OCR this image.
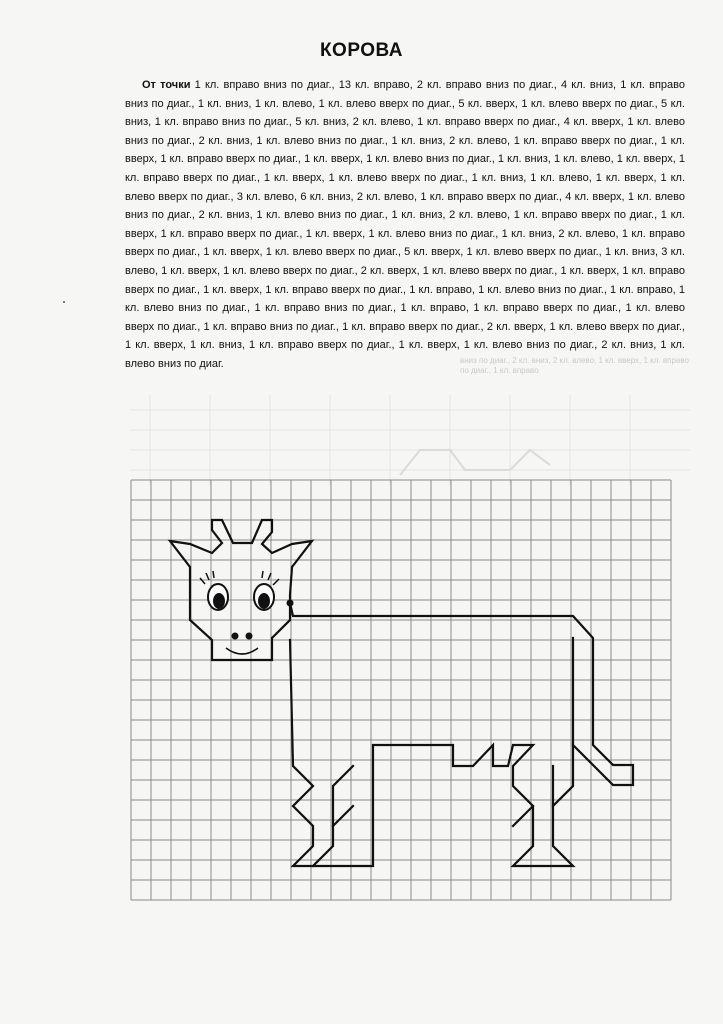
КОРОВА
От точки 1 кл. вправо вниз по диаг., 13 кл. вправо, 2 кл. вправо вниз по диаг., 4 кл. вниз, 1 кл. вправо вниз по диаг., 1 кл. вниз, 1 кл. влево, 1 кл. влево вверх по диаг., 5 кл. вверх, 1 кл. влево вверх по диаг., 5 кл. вниз, 1 кл. вправо вниз по диаг., 5 кл. вниз, 2 кл. влево, 1 кл. вправо вверх по диаг., 4 кл. вверх, 1 кл. влево вниз по диаг., 2 кл. вниз, 1 кл. влево вниз по диаг., 1 кл. вниз, 2 кл. влево, 1 кл. вправо вверх по диаг., 1 кл. вверх, 1 кл. вправо вверх по диаг., 1 кл. вверх, 1 кл. влево вниз по диаг., 1 кл. вниз, 1 кл. влево, 1 кл. вверх, 1 кл. вправо вверх по диаг., 1 кл. вверх, 1 кл. влево вверх по диаг., 1 кл. вниз, 1 кл. влево, 1 кл. вверх, 1 кл. влево вверх по диаг., 3 кл. влево, 6 кл. вниз, 2 кл. влево, 1 кл. вправо вверх по диаг., 4 кл. вверх, 1 кл. влево вниз по диаг., 2 кл. вниз, 1 кл. влево вниз по диаг., 1 кл. вниз, 2 кл. влево, 1 кл. вправо вверх по диаг., 1 кл. вверх, 1 кл. вправо вверх по диаг., 1 кл. вверх, 1 кл. влево вниз по диаг., 1 кл. вниз, 2 кл. влево, 1 кл. вправо вверх по диаг., 1 кл. вверх, 1 кл. влево вверх по диаг., 5 кл. вверх, 1 кл. влево вверх по диаг., 1 кл. вниз, 3 кл. влево, 1 кл. вверх, 1 кл. влево вверх по диаг., 2 кл. вверх, 1 кл. влево вверх по диаг., 1 кл. вверх, 1 кл. вправо вверх по диаг., 1 кл. вверх, 1 кл. вправо вверх по диаг., 1 кл. вправо, 1 кл. влево вниз по диаг., 1 кл. вправо, 1 кл. влево вниз по диаг., 1 кл. вправо вниз по диаг., 1 кл. вправо, 1 кл. вправо вверх по диаг., 1 кл. влево вверх по диаг., 1 кл. вправо вниз по диаг., 1 кл. вправо вверх по диаг., 2 кл. вверх, 1 кл. влево вверх по диаг., 1 кл. вверх, 1 кл. вниз, 1 кл. вправо вверх по диаг., 1 кл. вверх, 1 кл. влево вниз по диаг., 2 кл. вниз, 1 кл. влево вниз по диаг.	вниз по диаг., 2 кл. вниз, 2 кл. влево, 1 кл. вверх, 1 кл. вправо по диаг., 1 кл. вправо
